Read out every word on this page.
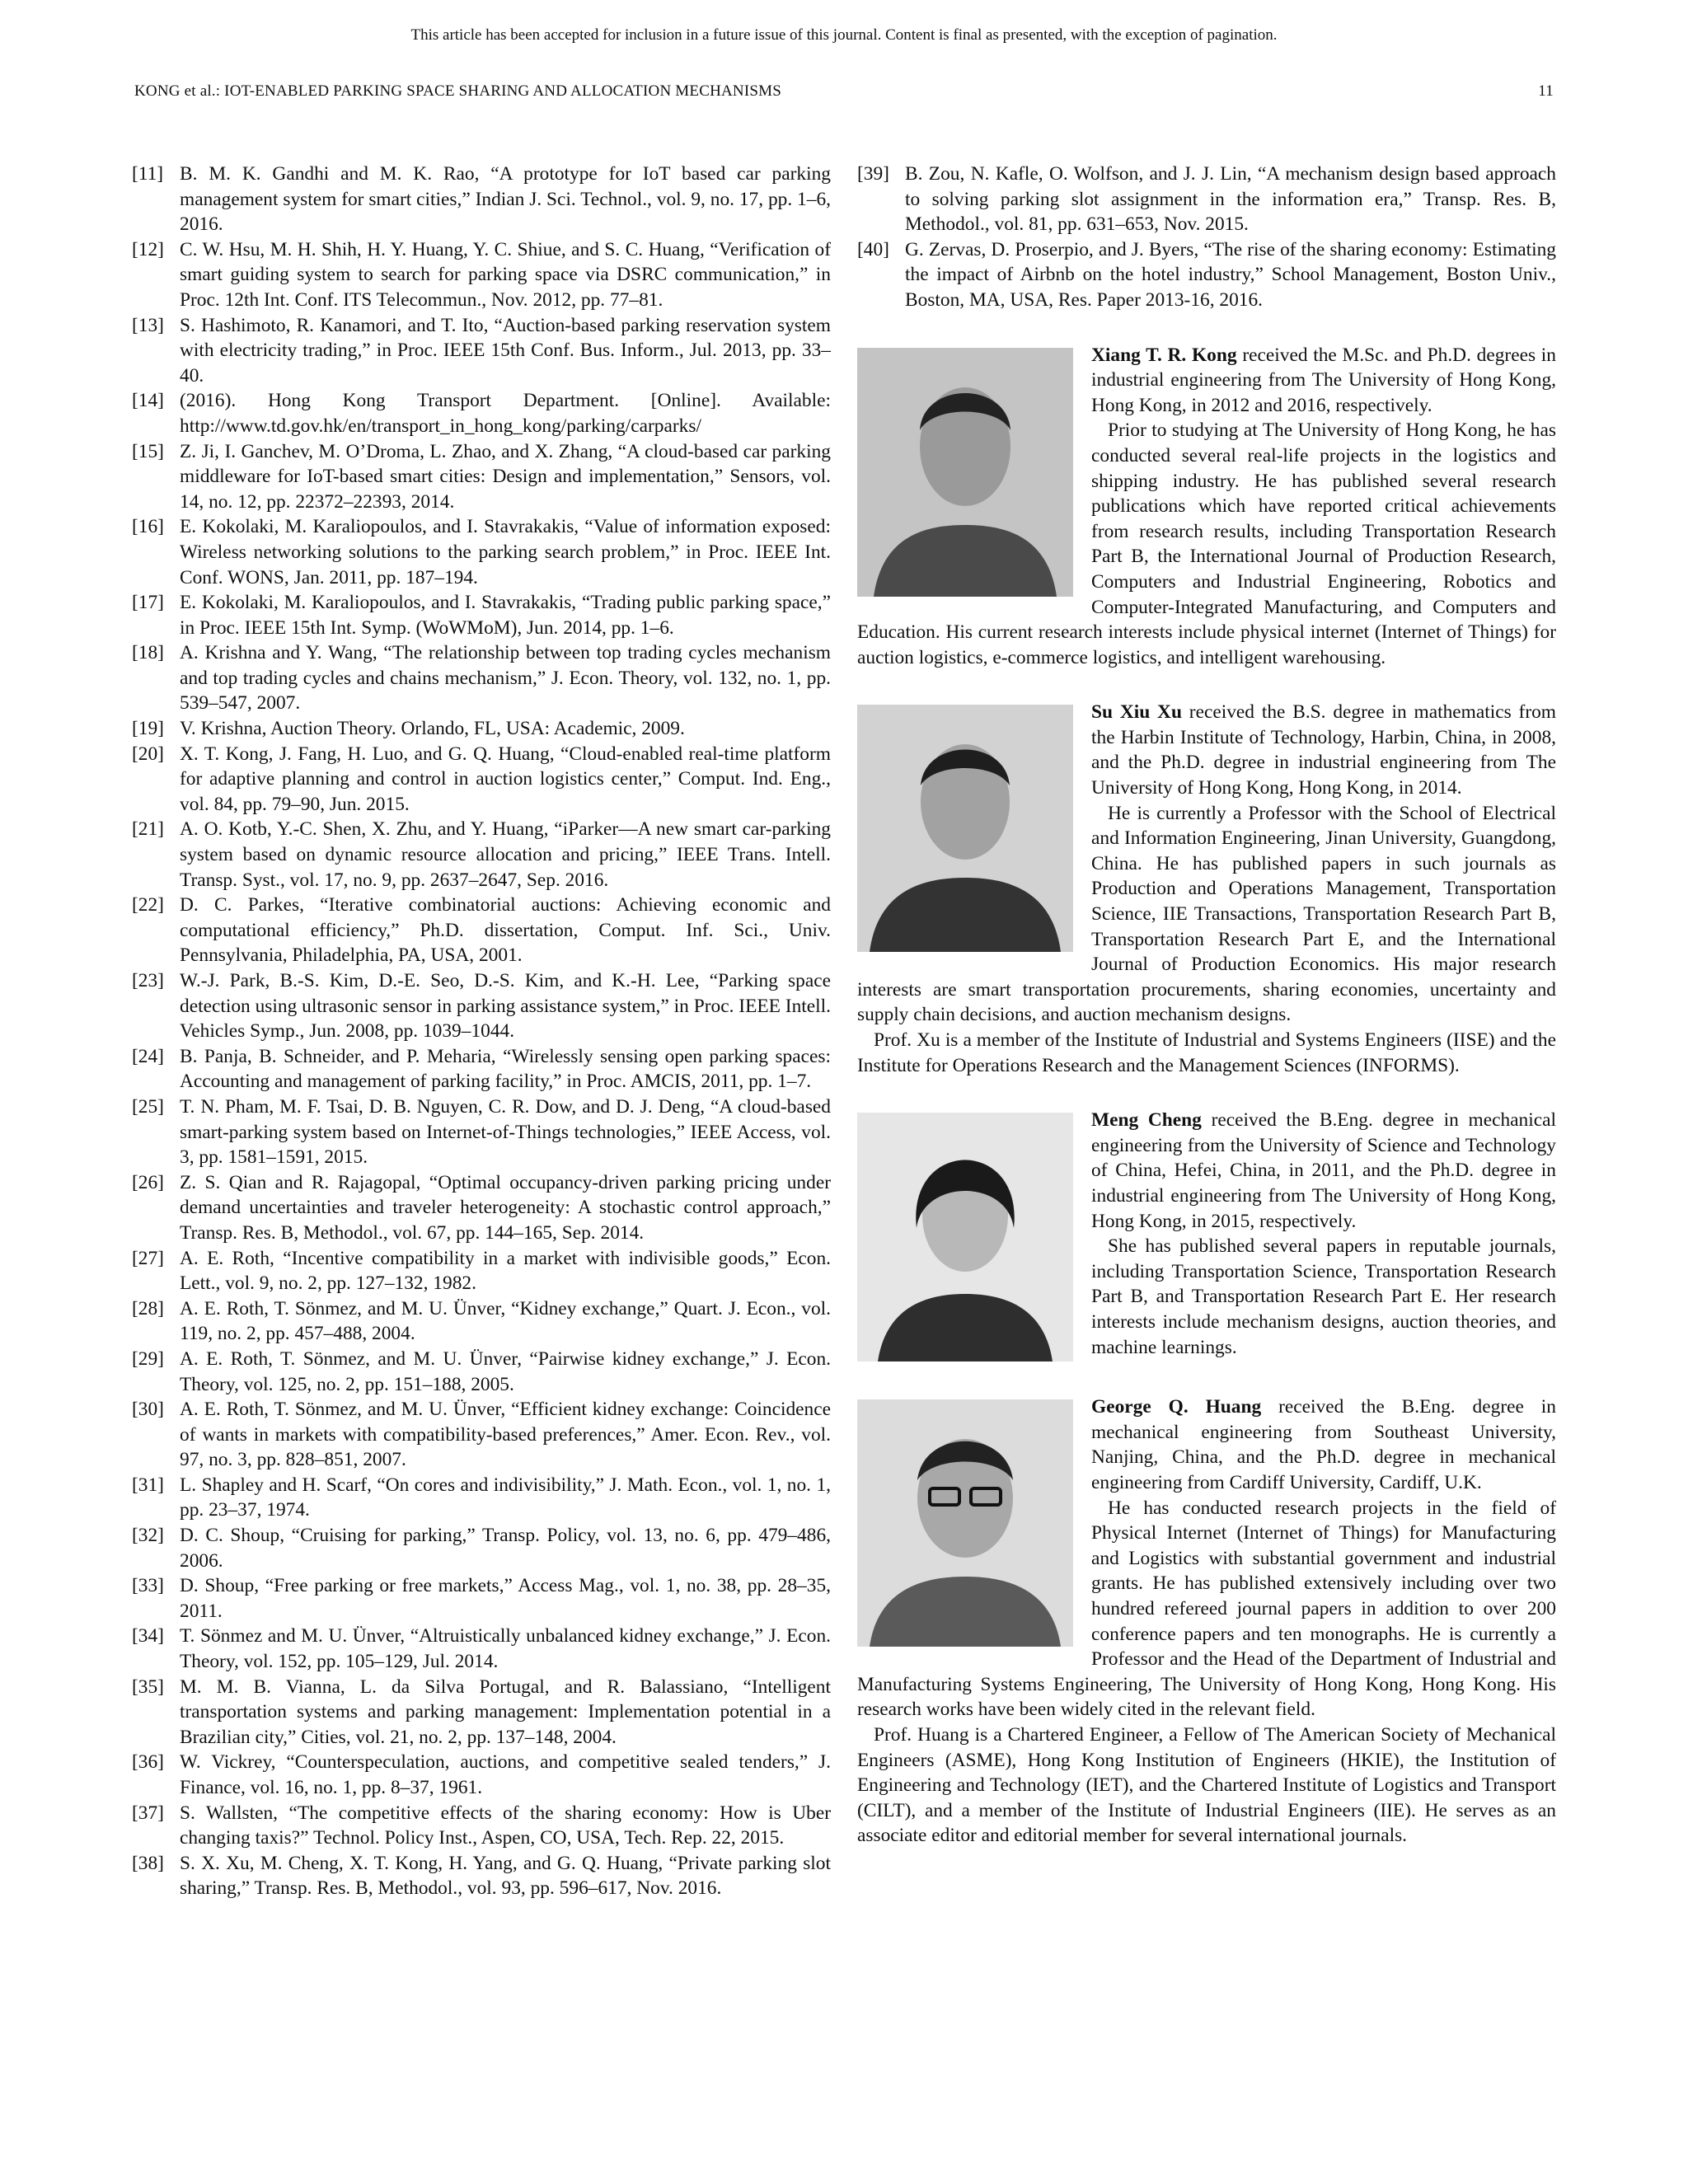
This article has been accepted for inclusion in a future issue of this journal. Content is final as presented, with the exception of pagination.
KONG et al.: IOT-ENABLED PARKING SPACE SHARING AND ALLOCATION MECHANISMS	11
[11] B. M. K. Gandhi and M. K. Rao, “A prototype for IoT based car parking management system for smart cities,” Indian J. Sci. Technol., vol. 9, no. 17, pp. 1–6, 2016.
[12] C. W. Hsu, M. H. Shih, H. Y. Huang, Y. C. Shiue, and S. C. Huang, “Verification of smart guiding system to search for parking space via DSRC communication,” in Proc. 12th Int. Conf. ITS Telecommun., Nov. 2012, pp. 77–81.
[13] S. Hashimoto, R. Kanamori, and T. Ito, “Auction-based parking reservation system with electricity trading,” in Proc. IEEE 15th Conf. Bus. Inform., Jul. 2013, pp. 33–40.
[14] (2016). Hong Kong Transport Department. [Online]. Available: http://www.td.gov.hk/en/transport_in_hong_kong/parking/carparks/
[15] Z. Ji, I. Ganchev, M. O’Droma, L. Zhao, and X. Zhang, “A cloud-based car parking middleware for IoT-based smart cities: Design and implementation,” Sensors, vol. 14, no. 12, pp. 22372–22393, 2014.
[16] E. Kokolaki, M. Karaliopoulos, and I. Stavrakakis, “Value of information exposed: Wireless networking solutions to the parking search problem,” in Proc. IEEE Int. Conf. WONS, Jan. 2011, pp. 187–194.
[17] E. Kokolaki, M. Karaliopoulos, and I. Stavrakakis, “Trading public parking space,” in Proc. IEEE 15th Int. Symp. (WoWMoM), Jun. 2014, pp. 1–6.
[18] A. Krishna and Y. Wang, “The relationship between top trading cycles mechanism and top trading cycles and chains mechanism,” J. Econ. Theory, vol. 132, no. 1, pp. 539–547, 2007.
[19] V. Krishna, Auction Theory. Orlando, FL, USA: Academic, 2009.
[20] X. T. Kong, J. Fang, H. Luo, and G. Q. Huang, “Cloud-enabled real-time platform for adaptive planning and control in auction logistics center,” Comput. Ind. Eng., vol. 84, pp. 79–90, Jun. 2015.
[21] A. O. Kotb, Y.-C. Shen, X. Zhu, and Y. Huang, “iParker—A new smart car-parking system based on dynamic resource allocation and pricing,” IEEE Trans. Intell. Transp. Syst., vol. 17, no. 9, pp. 2637–2647, Sep. 2016.
[22] D. C. Parkes, “Iterative combinatorial auctions: Achieving economic and computational efficiency,” Ph.D. dissertation, Comput. Inf. Sci., Univ. Pennsylvania, Philadelphia, PA, USA, 2001.
[23] W.-J. Park, B.-S. Kim, D.-E. Seo, D.-S. Kim, and K.-H. Lee, “Parking space detection using ultrasonic sensor in parking assistance system,” in Proc. IEEE Intell. Vehicles Symp., Jun. 2008, pp. 1039–1044.
[24] B. Panja, B. Schneider, and P. Meharia, “Wirelessly sensing open parking spaces: Accounting and management of parking facility,” in Proc. AMCIS, 2011, pp. 1–7.
[25] T. N. Pham, M. F. Tsai, D. B. Nguyen, C. R. Dow, and D. J. Deng, “A cloud-based smart-parking system based on Internet-of-Things technologies,” IEEE Access, vol. 3, pp. 1581–1591, 2015.
[26] Z. S. Qian and R. Rajagopal, “Optimal occupancy-driven parking pricing under demand uncertainties and traveler heterogeneity: A stochastic control approach,” Transp. Res. B, Methodol., vol. 67, pp. 144–165, Sep. 2014.
[27] A. E. Roth, “Incentive compatibility in a market with indivisible goods,” Econ. Lett., vol. 9, no. 2, pp. 127–132, 1982.
[28] A. E. Roth, T. Sönmez, and M. U. Ünver, “Kidney exchange,” Quart. J. Econ., vol. 119, no. 2, pp. 457–488, 2004.
[29] A. E. Roth, T. Sönmez, and M. U. Ünver, “Pairwise kidney exchange,” J. Econ. Theory, vol. 125, no. 2, pp. 151–188, 2005.
[30] A. E. Roth, T. Sönmez, and M. U. Ünver, “Efficient kidney exchange: Coincidence of wants in markets with compatibility-based preferences,” Amer. Econ. Rev., vol. 97, no. 3, pp. 828–851, 2007.
[31] L. Shapley and H. Scarf, “On cores and indivisibility,” J. Math. Econ., vol. 1, no. 1, pp. 23–37, 1974.
[32] D. C. Shoup, “Cruising for parking,” Transp. Policy, vol. 13, no. 6, pp. 479–486, 2006.
[33] D. Shoup, “Free parking or free markets,” Access Mag., vol. 1, no. 38, pp. 28–35, 2011.
[34] T. Sönmez and M. U. Ünver, “Altruistically unbalanced kidney exchange,” J. Econ. Theory, vol. 152, pp. 105–129, Jul. 2014.
[35] M. M. B. Vianna, L. da Silva Portugal, and R. Balassiano, “Intelligent transportation systems and parking management: Implementation potential in a Brazilian city,” Cities, vol. 21, no. 2, pp. 137–148, 2004.
[36] W. Vickrey, “Counterspeculation, auctions, and competitive sealed tenders,” J. Finance, vol. 16, no. 1, pp. 8–37, 1961.
[37] S. Wallsten, “The competitive effects of the sharing economy: How is Uber changing taxis?” Technol. Policy Inst., Aspen, CO, USA, Tech. Rep. 22, 2015.
[38] S. X. Xu, M. Cheng, X. T. Kong, H. Yang, and G. Q. Huang, “Private parking slot sharing,” Transp. Res. B, Methodol., vol. 93, pp. 596–617, Nov. 2016.
[39] B. Zou, N. Kafle, O. Wolfson, and J. J. Lin, “A mechanism design based approach to solving parking slot assignment in the information era,” Transp. Res. B, Methodol., vol. 81, pp. 631–653, Nov. 2015.
[40] G. Zervas, D. Proserpio, and J. Byers, “The rise of the sharing economy: Estimating the impact of Airbnb on the hotel industry,” School Management, Boston Univ., Boston, MA, USA, Res. Paper 2013-16, 2016.

Xiang T. R. Kong received the M.Sc. and Ph.D. degrees in industrial engineering from The University of Hong Kong, Hong Kong, in 2012 and 2016, respectively.

Prior to studying at The University of Hong Kong, he has conducted several real-life projects in the logistics and shipping industry. He has published several research publications which have reported critical achievements from research results, including Transportation Research Part B, the International Journal of Production Research, Computers and Industrial Engineering, Robotics and Computer-Integrated Manufacturing, and Computers and Education. His current research interests include physical internet (Internet of Things) for auction logistics, e-commerce logistics, and intelligent warehousing.

Su Xiu Xu received the B.S. degree in mathematics from the Harbin Institute of Technology, Harbin, China, in 2008, and the Ph.D. degree in industrial engineering from The University of Hong Kong, Hong Kong, in 2014.

He is currently a Professor with the School of Electrical and Information Engineering, Jinan University, Guangdong, China. He has published papers in such journals as Production and Operations Management, Transportation Science, IIE Transactions, Transportation Research Part B, Transportation Research Part E, and the International Journal of Production Economics. His major research interests are smart transportation procurements, sharing economies, uncertainty and supply chain decisions, and auction mechanism designs.

Prof. Xu is a member of the Institute of Industrial and Systems Engineers (IISE) and the Institute for Operations Research and the Management Sciences (INFORMS).

Meng Cheng received the B.Eng. degree in mechanical engineering from the University of Science and Technology of China, Hefei, China, in 2011, and the Ph.D. degree in industrial engineering from The University of Hong Kong, Hong Kong, in 2015, respectively.

She has published several papers in reputable journals, including Transportation Science, Transportation Research Part B, and Transportation Research Part E. Her research interests include mechanism designs, auction theories, and machine learnings.

George Q. Huang received the B.Eng. degree in mechanical engineering from Southeast University, Nanjing, China, and the Ph.D. degree in mechanical engineering from Cardiff University, Cardiff, U.K.

He has conducted research projects in the field of Physical Internet (Internet of Things) for Manufacturing and Logistics with substantial government and industrial grants. He has published extensively including over two hundred refereed journal papers in addition to over 200 conference papers and ten monographs. He is currently a Professor and the Head of the Department of Industrial and Manufacturing Systems Engineering, The University of Hong Kong, Hong Kong. His research works have been widely cited in the relevant field.

Prof. Huang is a Chartered Engineer, a Fellow of The American Society of Mechanical Engineers (ASME), Hong Kong Institution of Engineers (HKIE), the Institution of Engineering and Technology (IET), and the Chartered Institute of Logistics and Transport (CILT), and a member of the Institute of Industrial Engineers (IIE). He serves as an associate editor and editorial member for several international journals.
